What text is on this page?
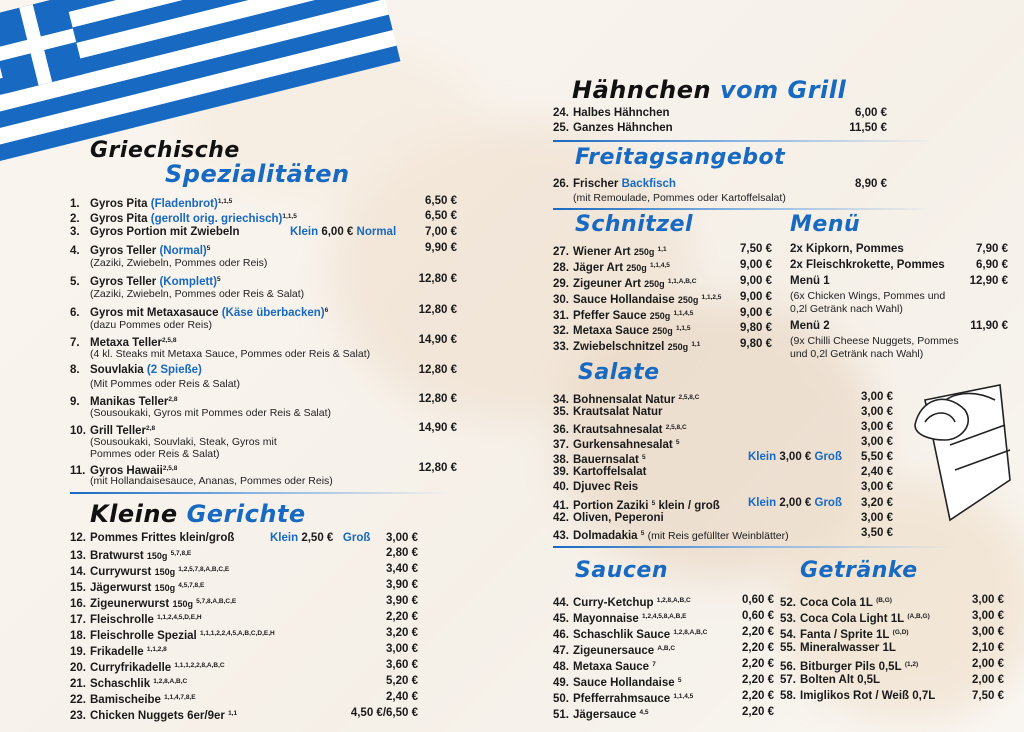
Griechische
Spezialitäten
1. Gyros Pita (Fladenbrot)$^{1,1,5}$	6,50 €
2. Gyros Pita (gerollt orig. griechisch)$^{1,1,5}$	6,50 €
3. Gyros Portion mit Zwiebeln	Klein 6,00 € Normal	7,00 €
4. Gyros Teller (Normal)$^5$	9,90 €
(Zaziki, Zwiebeln, Pommes oder Reis)
5. Gyros Teller (Komplett)$^5$	12,80 €
(Zaziki, Zwiebeln, Pommes oder Reis & Salat)
6. Gyros mit Metaxasauce (Käse überbacken)$^6$	12,80 €
(dazu Pommes oder Reis)
7. Metaxa Teller$^{2,5,8}$	14,90 €
(4 kl. Steaks mit Metaxa Sauce, Pommes oder Reis & Salat)
8. Souvlakia (2 Spieße)	12,80 €
(Mit Pommes oder Reis & Salat)
9. Manikas Teller$^{2,8}$	12,80 €
(Sousoukaki, Gyros mit Pommes oder Reis & Salat)
10. Grill Teller$^{2,8}$	14,90 €
(Sousoukaki, Souvlaki, Steak, Gyros mit
Pommes oder Reis & Salat)
11. Gyros Hawaii$^{2,5,8}$	12,80 €
(mit Hollandaisesauce, Ananas, Pommes oder Reis)
Kleine Gerichte
12. Pommes Frittes klein/groß	Klein 2,50 € Groß	3,00 €
13. Bratwurst 150g $^{5,7,8,E}$	2,80 €
14. Currywurst 150g $^{1,2,5,7,8,A,B,C,E}$	3,40 €
15. Jägerwurst 150g $^{4,5,7,8,E}$	3,90 €
16. Zigeunerwurst 150g $^{5,7,8,A,B,C,E}$	3,90 €
17. Fleischrolle $^{1,1,2,4,5,D,E,H}$	2,20 €
18. Fleischrolle Spezial $^{1,1,1,2,2,4,5,A,B,C,D,E,H}$	3,20 €
19. Frikadelle $^{1,1,2,8}$	3,00 €
20. Curryfrikadelle $^{1,1,1,2,2,8,A,B,C}$	3,60 €
21. Schaschlik $^{1,2,8,A,B,C}$	5,20 €
22. Bamischeibe $^{1,1,4,7,8,E}$	2,40 €
23. Chicken Nuggets 6er/9er $^{1,1}$	4,50 €/6,50 €
Hähnchen vom Grill
24. Halbes Hähnchen	6,00 €
25. Ganzes Hähnchen	11,50 €
Freitagsangebot
26. Frischer Backfisch	8,90 €
(mit Remoulade, Pommes oder Kartoffelsalat)
Schnitzel
27. Wiener Art 250g $^{1,1}$	7,50 €
28. Jäger Art 250g $^{1,1,4,5}$	9,00 €
29. Zigeuner Art 250g $^{1,1,A,B,C}$	9,00 €
30. Sauce Hollandaise 250g $^{1,1,2,5}$	9,00 €
31. Pfeffer Sauce 250g $^{1,1,4,5}$	9,00 €
32. Metaxa Sauce 250g $^{1,1,5}$	9,80 €
33. Zwiebelschnitzel 250g $^{1,1}$	9,80 €
Menü
2x Kipkorn, Pommes	7,90 €
2x Fleischkrokette, Pommes	6,90 €
Menü 1	12,90 €
(6x Chicken Wings, Pommes und
0,2l Getränk nach Wahl)
Menü 2	11,90 €
(9x Chilli Cheese Nuggets, Pommes
und 0,2l Getränk nach Wahl)
Salate
34. Bohnensalat Natur $^{2,5,8,C}$	3,00 €
35. Krautsalat Natur	3,00 €
36. Krautsahnesalat $^{2,5,8,C}$	3,00 €
37. Gurkensahnesalat $^5$	3,00 €
38. Bauernsalat $^5$	Klein 3,00 € Groß	5,50 €
39. Kartoffelsalat	2,40 €
40. Djuvec Reis	3,00 €
41. Portion Zaziki $^5$ klein / groß Klein 2,00 € Groß	3,20 €
42. Oliven, Peperoni	3,00 €
43. Dolmadakia $^5$ (mit Reis gefüllter Weinblätter)	3,50 €
Saucen
44. Curry-Ketchup $^{1,2,8,A,B,C}$	0,60 €
45. Mayonnaise $^{1,2,4,5,8,A,B,E}$	0,60 €
46. Schaschlik Sauce $^{1,2,8,A,B,C}$	2,20 €
47. Zigeunersauce $^{A,B,C}$	2,20 €
48. Metaxa Sauce $^7$	2,20 €
49. Sauce Hollandaise $^5$	2,20 €
50. Pfefferrahmsauce $^{1,1,4,5}$	2,20 €
51. Jägersauce $^{4,5}$	2,20 €
Getränke
52. Coca Cola 1L $^{(B,G)}$	3,00 €
53. Coca Cola Light 1L $^{(A,B,G)}$	3,00 €
54. Fanta / Sprite 1L $^{(G,D)}$	3,00 €
55. Mineralwasser 1L	2,10 €
56. Bitburger Pils 0,5L $^{(1,2)}$	2,00 €
57. Bolten Alt 0,5L	2,00 €
58. Imiglikos Rot / Weiß 0,7L	7,50 €
